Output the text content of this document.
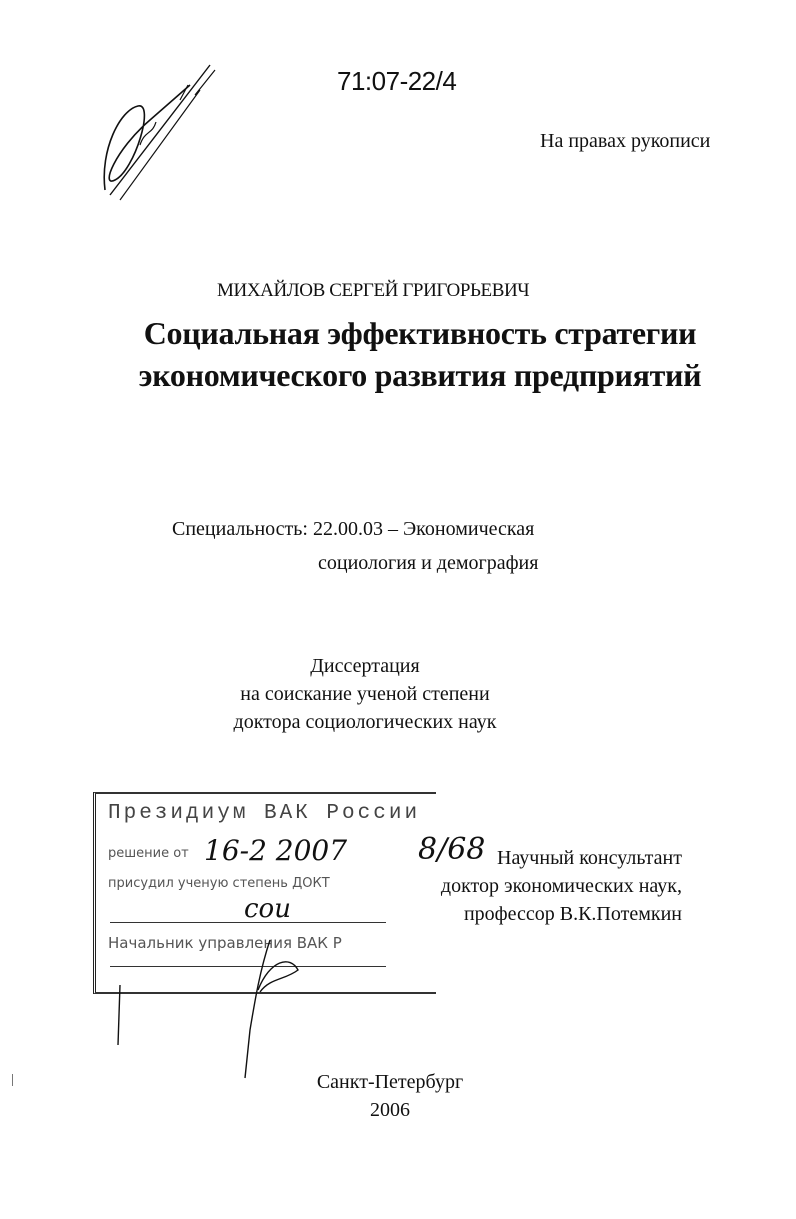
71:07-22/4
На правах рукописи
МИХАЙЛОВ СЕРГЕЙ ГРИГОРЬЕВИЧ
Социальная эффективность стратегии
экономического развития предприятий
Специальность: 22.00.03 – Экономическая
социология и демография
Диссертация
на соискание ученой степени
доктора социологических наук
Президиум ВАК России
решение от
присудил ученую степень ДОКТ
Начальник управления ВАК Р
16-2 2007 8/68
cou
Научный консультант
доктор экономических наук,
профессор В.К.Потемкин
Санкт-Петербург
2006
